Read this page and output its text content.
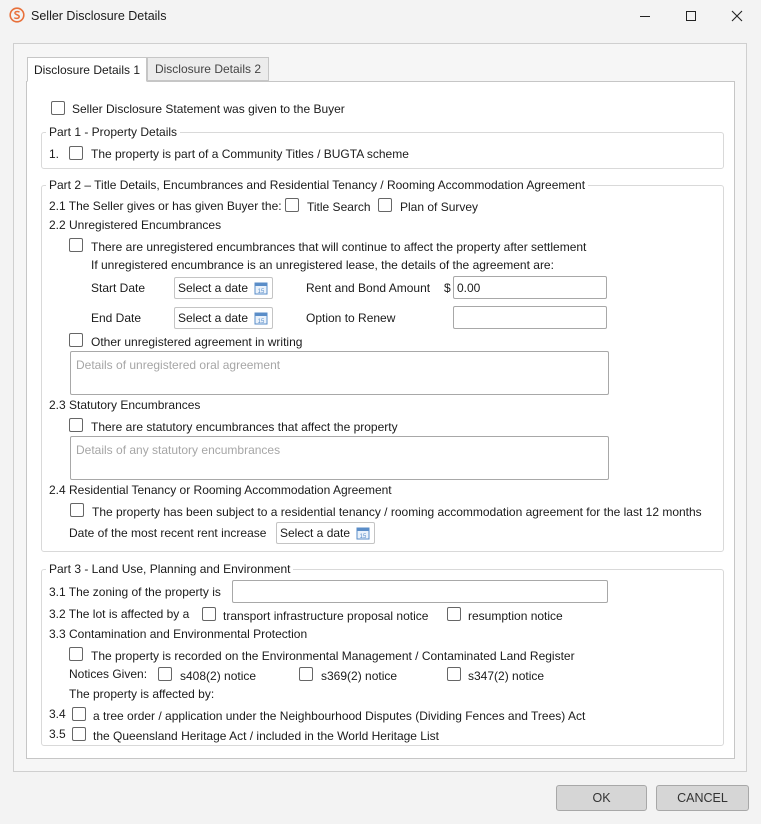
Seller Disclosure Details
Disclosure Details 1	Disclosure Details 2
Seller Disclosure Statement was given to the Buyer
Part 1 - Property Details
1.	The property is part of a Community Titles / BUGTA scheme
Part 2 – Title Details, Encumbrances and Residential Tenancy / Rooming Accommodation Agreement
2.1 The Seller gives or has given Buyer the: Title Search Plan of Survey
2.2 Unregistered Encumbrances
There are unregistered encumbrances that will continue to affect the property after settlement
If unregistered encumbrance is an unregistered lease, the details of the agreement are:
Start Date	Select a date 15	Rent and Bond Amount $ 0.00
End Date	Select a date 15	Option to Renew
Other unregistered agreement in writing
Details of unregistered oral agreement
2.3 Statutory Encumbrances
There are statutory encumbrances that affect the property
Details of any statutory encumbrances
2.4 Residential Tenancy or Rooming Accommodation Agreement
The property has been subject to a residential tenancy / rooming accommodation agreement for the last 12 months
Date of the most recent rent increase Select a date 15
Part 3 - Land Use, Planning and Environment
3.1 The zoning of the property is
3.2 The lot is affected by a	transport infrastructure proposal notice	resumption notice
3.3 Contamination and Environmental Protection
The property is recorded on the Environmental Management / Contaminated Land Register
Notices Given:	s408(2) notice	s369(2) notice	s347(2) notice
The property is affected by:
3.4 a tree order / application under the Neighbourhood Disputes (Dividing Fences and Trees) Act
3.5 the Queensland Heritage Act / included in the World Heritage List
OK	CANCEL
